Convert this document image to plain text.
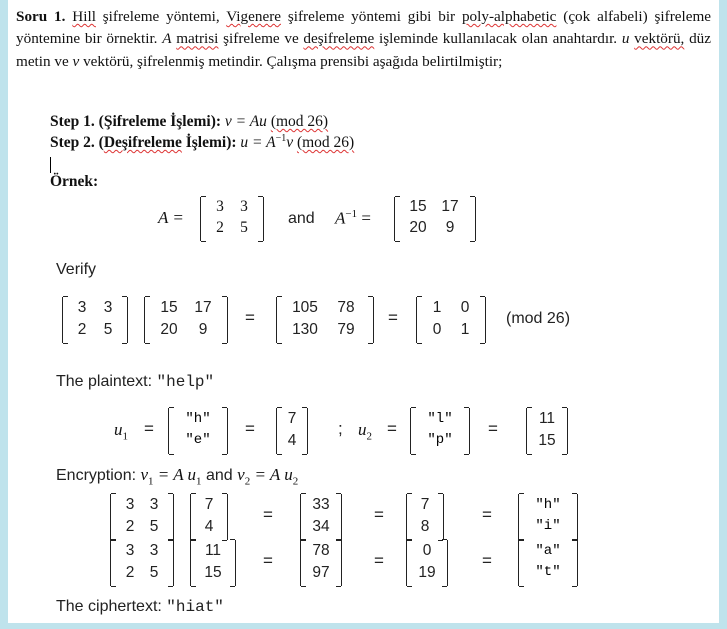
Soru 1. Hill şifreleme yöntemi, Vigenere şifreleme yöntemi gibi bir poly-alphabetic (çok alfabeli) şifreleme yöntemine bir örnektir. A matrisi şifreleme ve deşifreleme işleminde kullanılacak olan anahtardır. u vektörü, düz metin ve v vektörü, şifrelenmiş metindir. Çalışma prensibi aşağıda belirtilmiştir;
Step 1. (Şifreleme İşlemi): v = Au (mod 26)
Step 2. (Deşifreleme İşlemi): $u = A^{-1}v$ (mod 26)
Örnek:
A =
3	3
2	5
and $A^{-1}$ =
15 17
20	9
Verify
3	3
2	5
15	17
20	9
=
105	78
130	79
=
1	0
0	1
(mod 26)
The plaintext: "help"
$u_1$ =	"h"
"e"
=
7
4
; $u_2$ =	"l"
"p"
=
11
15
Encryption: $v_1 = A$ $u_1$ and $v_2 = A$ $u_2$
3 3
2 5
7
4
=
33
34
=
7
8
=	"h"
"i"
3 3
2 5
11
15
=
78
97
=
0
19
=	"a"
"t"
The ciphertext: "hiat"
